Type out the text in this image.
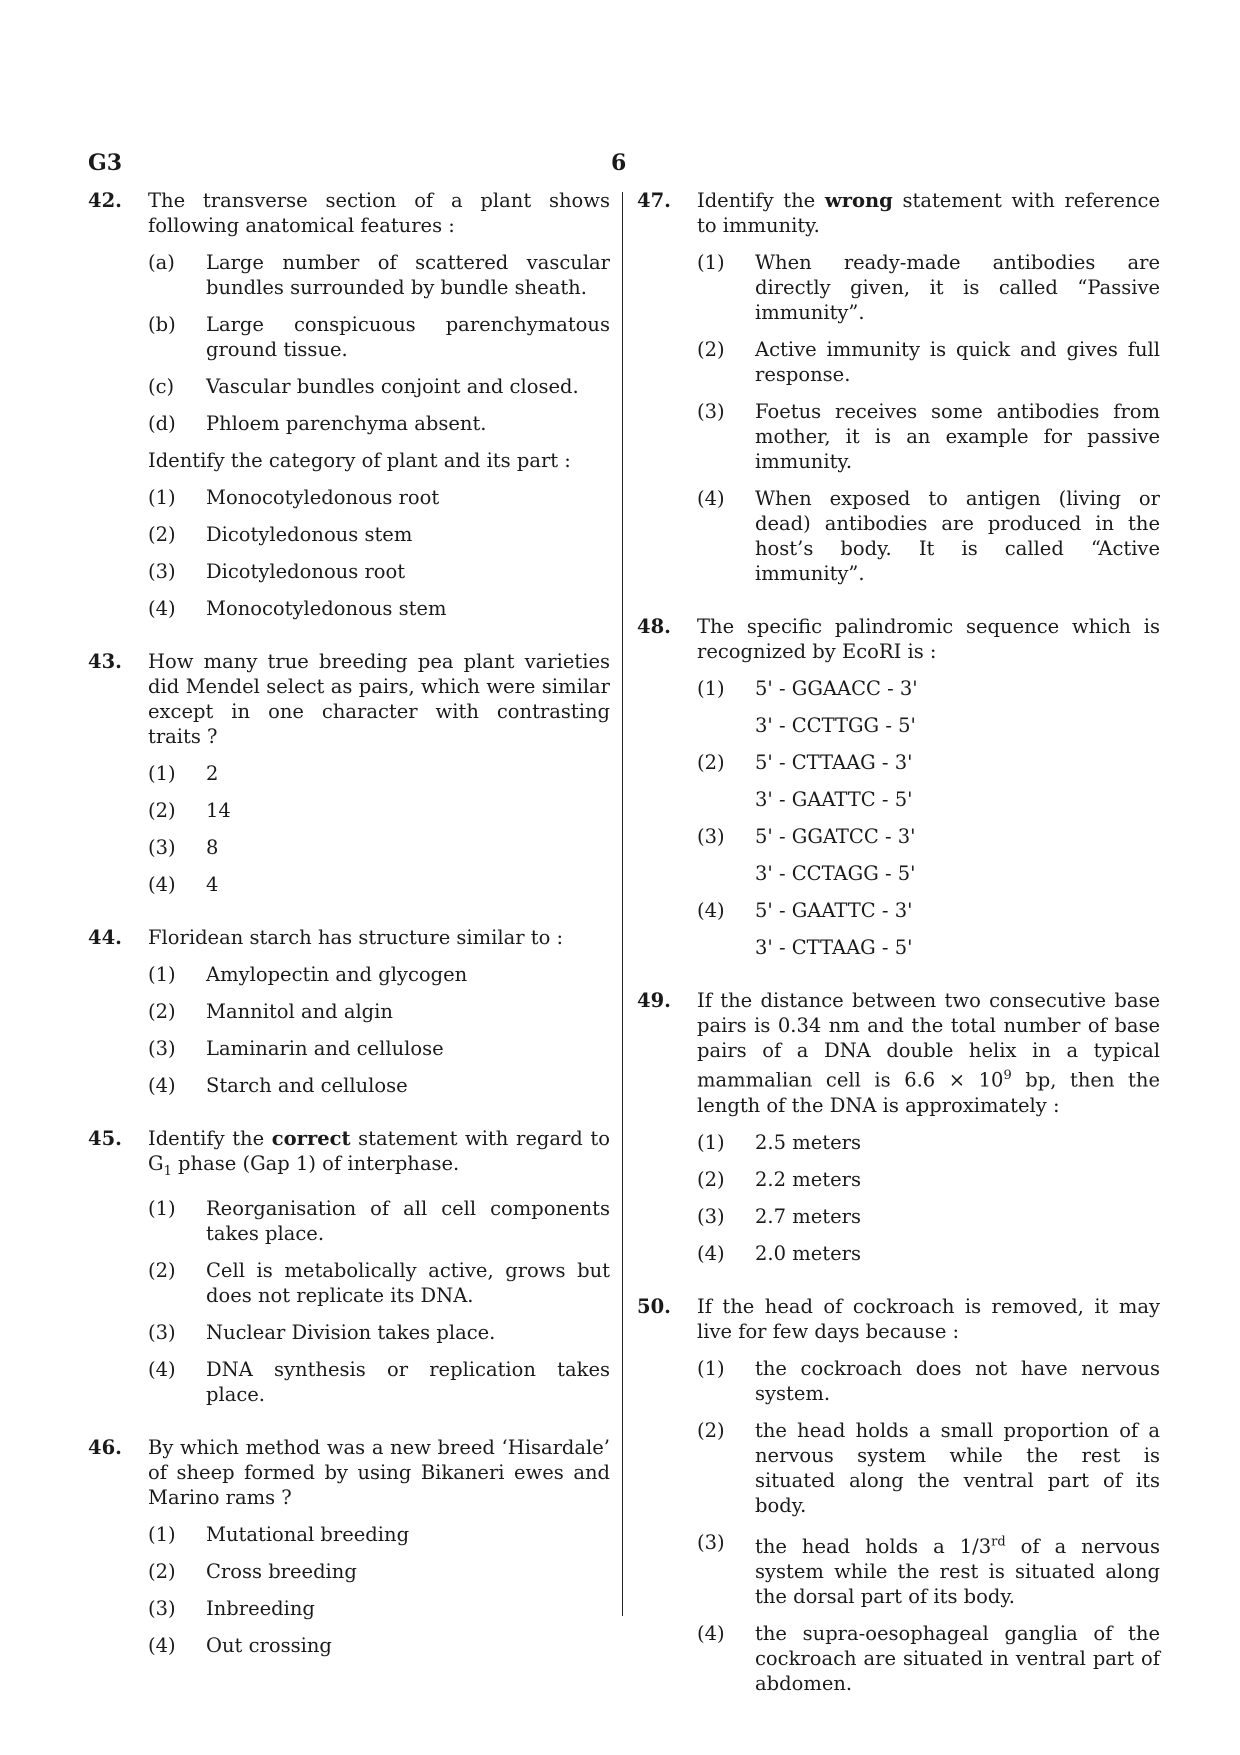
G3	6
42. The transverse section of a plant shows following anatomical features :

(a) Large number of scattered vascular bundles surrounded by bundle sheath.
(b) Large conspicuous parenchymatous ground tissue.
(c) Vascular bundles conjoint and closed.
(d) Phloem parenchyma absent.

Identify the category of plant and its part :

(1) Monocotyledonous root
(2) Dicotyledonous stem
(3) Dicotyledonous root
(4) Monocotyledonous stem
43. How many true breeding pea plant varieties did Mendel select as pairs, which were similar except in one character with contrasting traits ?

(1) 2
(2) 14
(3) 8
(4) 4
44. Floridean starch has structure similar to :

(1) Amylopectin and glycogen
(2) Mannitol and algin
(3) Laminarin and cellulose
(4) Starch and cellulose
45. Identify the correct statement with regard to $G_1$ phase (Gap 1) of interphase.

(1) Reorganisation of all cell components takes place.
(2) Cell is metabolically active, grows but does not replicate its DNA.
(3) Nuclear Division takes place.
(4) DNA synthesis or replication takes place.
46. By which method was a new breed ‘Hisardale’ of sheep formed by using Bikaneri ewes and Marino rams ?

(1) Mutational breeding
(2) Cross breeding
(3) Inbreeding
(4) Out crossing
47. Identify the wrong statement with reference to immunity.

(1) When ready-made antibodies are directly given, it is called “Passive immunity”.
(2) Active immunity is quick and gives full response.
(3) Foetus receives some antibodies from mother, it is an example for passive immunity.
(4) When exposed to antigen (living or dead) antibodies are produced in the host’s body. It is called “Active immunity”.
48. The specific palindromic sequence which is recognized by EcoRI is :

(1) 5' - GGAACC - 3'
3' - CCTTGG - 5'
(2) 5' - CTTAAG - 3'
3' - GAATTC - 5'
(3) 5' - GGATCC - 3'
3' - CCTAGG - 5'
(4) 5' - GAATTC - 3'
3' - CTTAAG - 5'
49. If the distance between two consecutive base pairs is 0.34 nm and the total number of base pairs of a DNA double helix in a typical mammalian cell is $6.6 \times 10^9$ bp, then the length of the DNA is approximately :

(1) 2.5 meters
(2) 2.2 meters
(3) 2.7 meters
(4) 2.0 meters
50. If the head of cockroach is removed, it may live for few days because :

(1) the cockroach does not have nervous system.
(2) the head holds a small proportion of a nervous system while the rest is situated along the ventral part of its body.
(3) the head holds a 1/3rd of a nervous system while the rest is situated along the dorsal part of its body.
(4) the supra-oesophageal ganglia of the cockroach are situated in ventral part of abdomen.
